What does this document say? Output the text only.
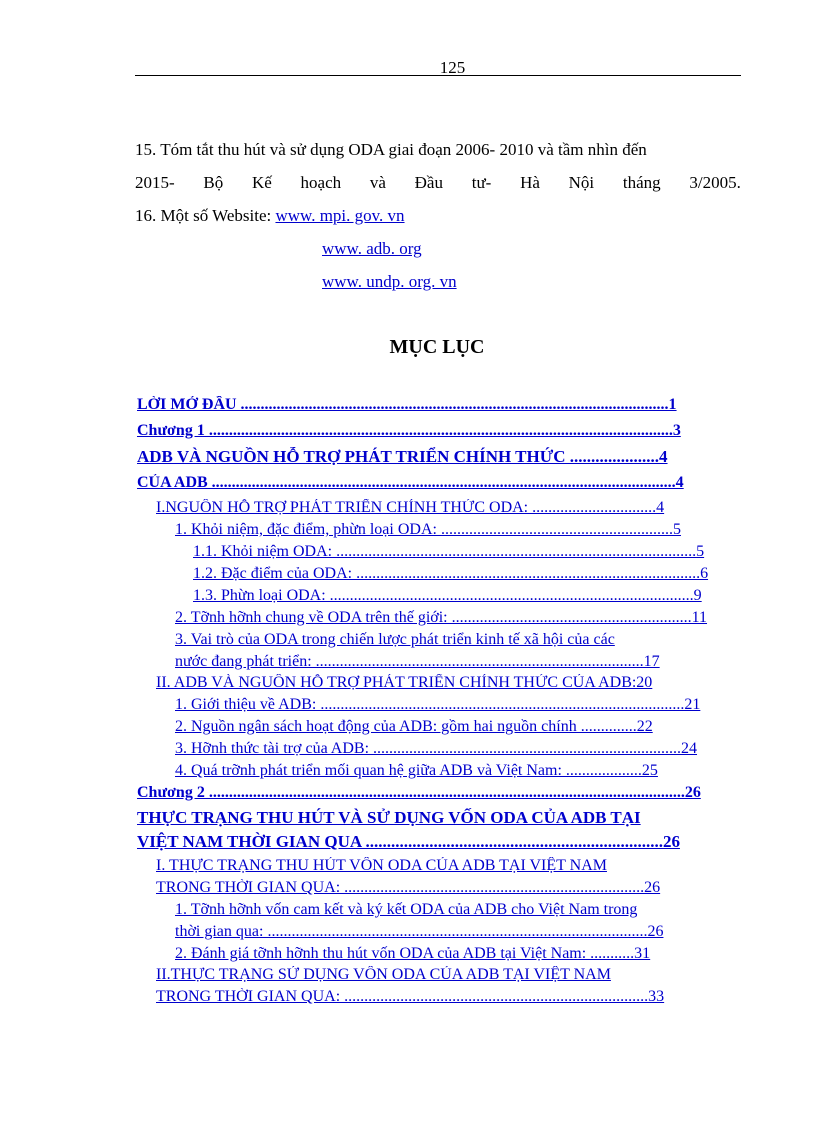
125
15. Tóm tắt thu hút và sử dụng ODA giai đoạn 2006- 2010 và tầm nhìn đến
2015- Bộ Kế hoạch và Đầu tư- Hà Nội tháng 3/2005.
16. Một số Website: www. mpi. gov. vn
www. adb. org
www. undp. org. vn
MỤC LỤC
LỜI MỞ ĐẦU ...........................................................................................................1
Chương 1 ....................................................................................................................3
ADB VÀ NGUỒN HỖ TRỢ PHÁT TRIỂN CHÍNH THỨC .....................4
CỦA ADB ....................................................................................................................4
I.NGUỒN HỖ TRỢ PHÁT TRIỂN CHÍNH THỨC ODA: ...............................4
1. Khỏi niệm, đặc điểm, phừn loại ODA: ..........................................................5
1.1. Khỏi niệm ODA: ..........................................................................................5
1.2. Đặc điểm của ODA: ......................................................................................6
1.3. Phừn loại ODA: ...........................................................................................9
2. Tỡnh hỡnh chung về ODA trên thế giới: ............................................................11
3. Vai trò của ODA trong chiến lược phát triển kinh tế xã hội của các
nước đang phát triển: ..................................................................................17
II. ADB VÀ NGUỒN HỖ TRỢ PHÁT TRIỂN CHÍNH THỨC CỦA ADB:20
1. Giới thiệu về ADB: ...........................................................................................21
2. Nguồn ngân sách hoạt động của ADB: gồm hai nguồn chính ..............22
3. Hỡnh thức tài trợ của ADB: .............................................................................24
4. Quá trỡnh phát triển mối quan hệ giữa ADB và Việt Nam: ...................25
Chương 2 .......................................................................................................................26
THỰC TRẠNG THU HÚT VÀ SỬ DỤNG VỐN ODA CỦA ADB TẠI
VIỆT NAM THỜI GIAN QUA ......................................................................26
I. THỰC TRẠNG THU HÚT VỐN ODA CỦA ADB TẠI VIỆT NAM
TRONG THỜI GIAN QUA: ...........................................................................26
1. Tỡnh hỡnh vốn cam kết và ký kết ODA của ADB cho Việt Nam trong
thời gian qua: ...............................................................................................26
2. Đánh giá tỡnh hỡnh thu hút vốn ODA của ADB tại Việt Nam: ...........31
II.THỰC TRẠNG SỬ DỤNG VỐN ODA CỦA ADB TẠI VIỆT NAM
TRONG THỜI GIAN QUA: ............................................................................33
